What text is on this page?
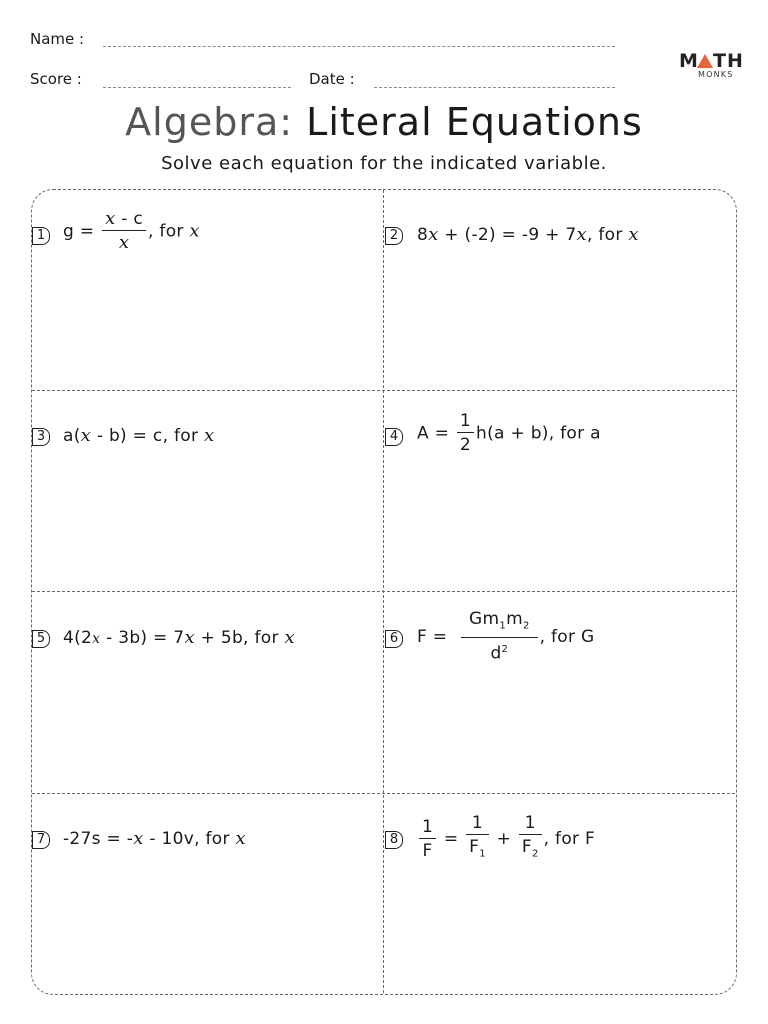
Name :
Score :	Date :
M TH
MONKS
Algebra: Literal Equations
Solve each equation for the indicated variable.
1 $g = \frac{x - c}{x}$ , for x	2 8x + (-2) = -9 + 7x, for x
3 a(x - b) = c, for x	4 $A = \frac{1}{2} h(a + b)$, for a
5 4(2x - 3b) = 7x + 5b, for x	6 $F = \frac{Gm_1m_2}{d^2}$ , for G
7 -27s = -x - 10v, for x	$8 \frac{1}{F} = \frac{1}{F_1} + \frac{1}{F_2}$ , for F
